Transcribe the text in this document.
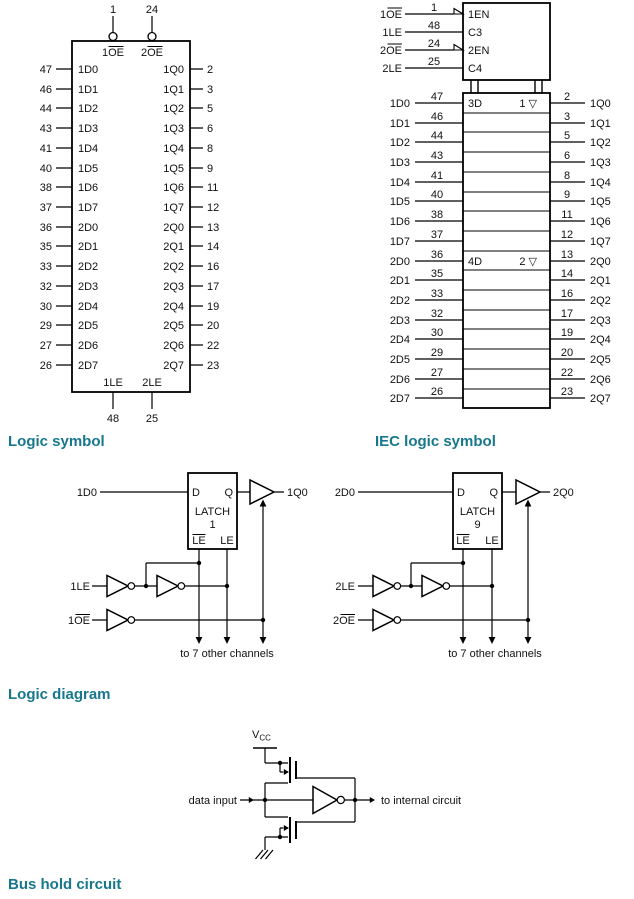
1	24
1OE 2OE
1LE 2LE
48 25
47 1D0	1Q0 2
46 1D1	1Q1 3
44 1D2	1Q2 5
43 1D3	1Q3 6
41 1D4	1Q4 8
40 1D5	1Q5 9
38 1D6	1Q6 11
37 1D7	1Q7 12
36 2D0	2Q0 13
35 2D1	2Q1 14
33 2D2	2Q2 16
32 2D3	2Q3 17
30 2D4	2Q4 19
29 2D5	2Q5 20
27 2D6	2Q6 22
26 2D7	2Q7 23
Logic symbol
1OE
1
1EN
1LE
48
C3
2OE
24
2EN
2LE
25
C4
3D	1 ▽
4D	2 ▽
1D0
47	2
1Q0
1D1
46	3
1Q1
1D2
44	5
1Q2
1D3
43	6
1Q3
1D4
41	8
1Q4
1D5
40	9
1Q5
1D6
38	11
1Q6
1D7
37	12
1Q7
2D0
36	13
2Q0
2D1
35	14
2Q1
2D2
33	16
2Q2
2D3
32	17
2Q3
2D4
30	19
2Q4
2D5
29	20
2Q5
2D6
27	22
2Q6
2D7
26	23
2Q7
IEC logic symbol
1D0	D Q
LATCH
1
LE LE
1Q0
1LE
1OE
to 7 other channels
2D0	D Q
LATCH
9
LE LE
2Q0
2LE
2OE
to 7 other channels
Logic diagram
$V_{CC}$
data input	to internal circuit
Bus hold circuit
